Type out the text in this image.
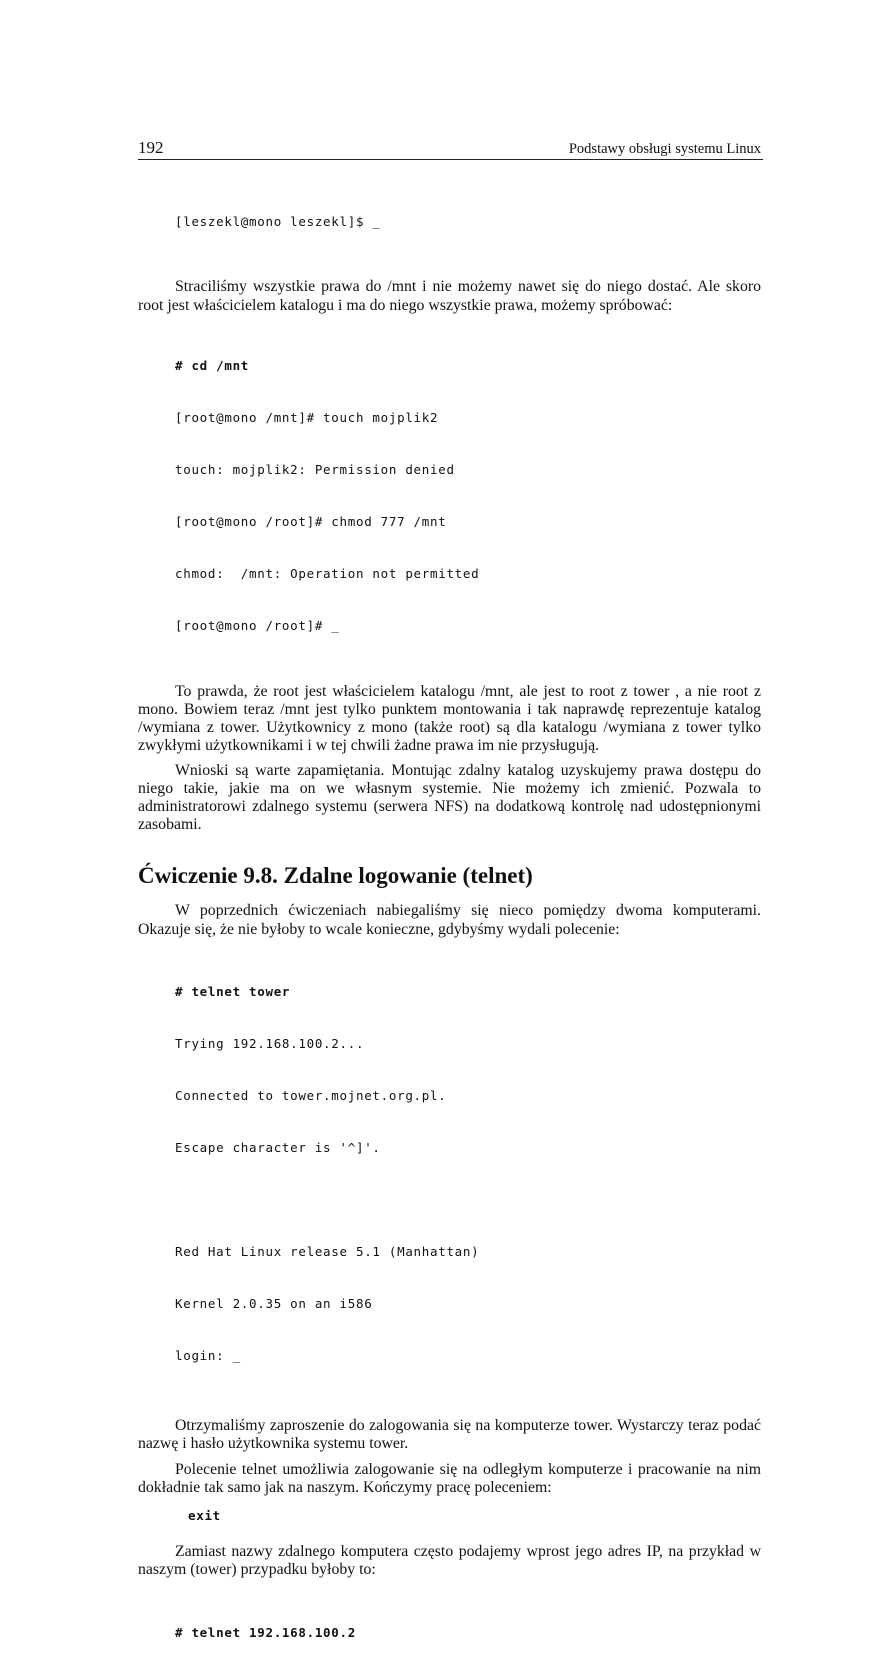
192	Podstawy obsługi systemu Linux

[leszekl@mono leszekl]$ _

Straciliśmy wszystkie prawa do /mnt i nie możemy nawet się do niego dostać. Ale skoro root jest właścicielem katalogu i ma do niego wszystkie prawa, możemy spróbować:

# cd /mnt

[root@mono /mnt]# touch mojplik2

touch: mojplik2: Permission denied

[root@mono /root]# chmod 777 /mnt

chmod:  /mnt: Operation not permitted

[root@mono /root]# _

To prawda, że root jest właścicielem katalogu /mnt, ale jest to root z tower , a nie root z mono. Bowiem teraz /mnt jest tylko punktem montowania i tak naprawdę reprezentuje katalog /wymiana z tower. Użytkownicy z mono (także root) są dla katalogu /wymiana z tower tylko zwykłymi użytkownikami i w tej chwili żadne prawa im nie przysługują.

Wnioski są warte zapamiętania. Montując zdalny katalog uzyskujemy prawa dostępu do niego takie, jakie ma on we własnym systemie. Nie możemy ich zmienić. Pozwala to administratorowi zdalnego systemu (serwera NFS) na dodatkową kontrolę nad udostępnionymi zasobami.

Ćwiczenie 9.8. Zdalne logowanie (telnet)

W poprzednich ćwiczeniach nabiegaliśmy się nieco pomiędzy dwoma komputerami. Okazuje się, że nie byłoby to wcale konieczne, gdybyśmy wydali polecenie:

# telnet tower

Trying 192.168.100.2...

Connected to tower.mojnet.org.pl.

Escape character is '^]'.

Red Hat Linux release 5.1 (Manhattan)

Kernel 2.0.35 on an i586

login: _

Otrzymaliśmy zaproszenie do zalogowania się na komputerze tower. Wystarczy teraz podać nazwę i hasło użytkownika systemu tower.

Polecenie telnet umożliwia zalogowanie się na odległym komputerze i pracowanie na nim dokładnie tak samo jak na naszym. Kończymy pracę poleceniem:

exit

Zamiast nazwy zdalnego komputera często podajemy wprost jego adres IP, na przykład w naszym (tower) przypadku byłoby to:

# telnet 192.168.100.2
